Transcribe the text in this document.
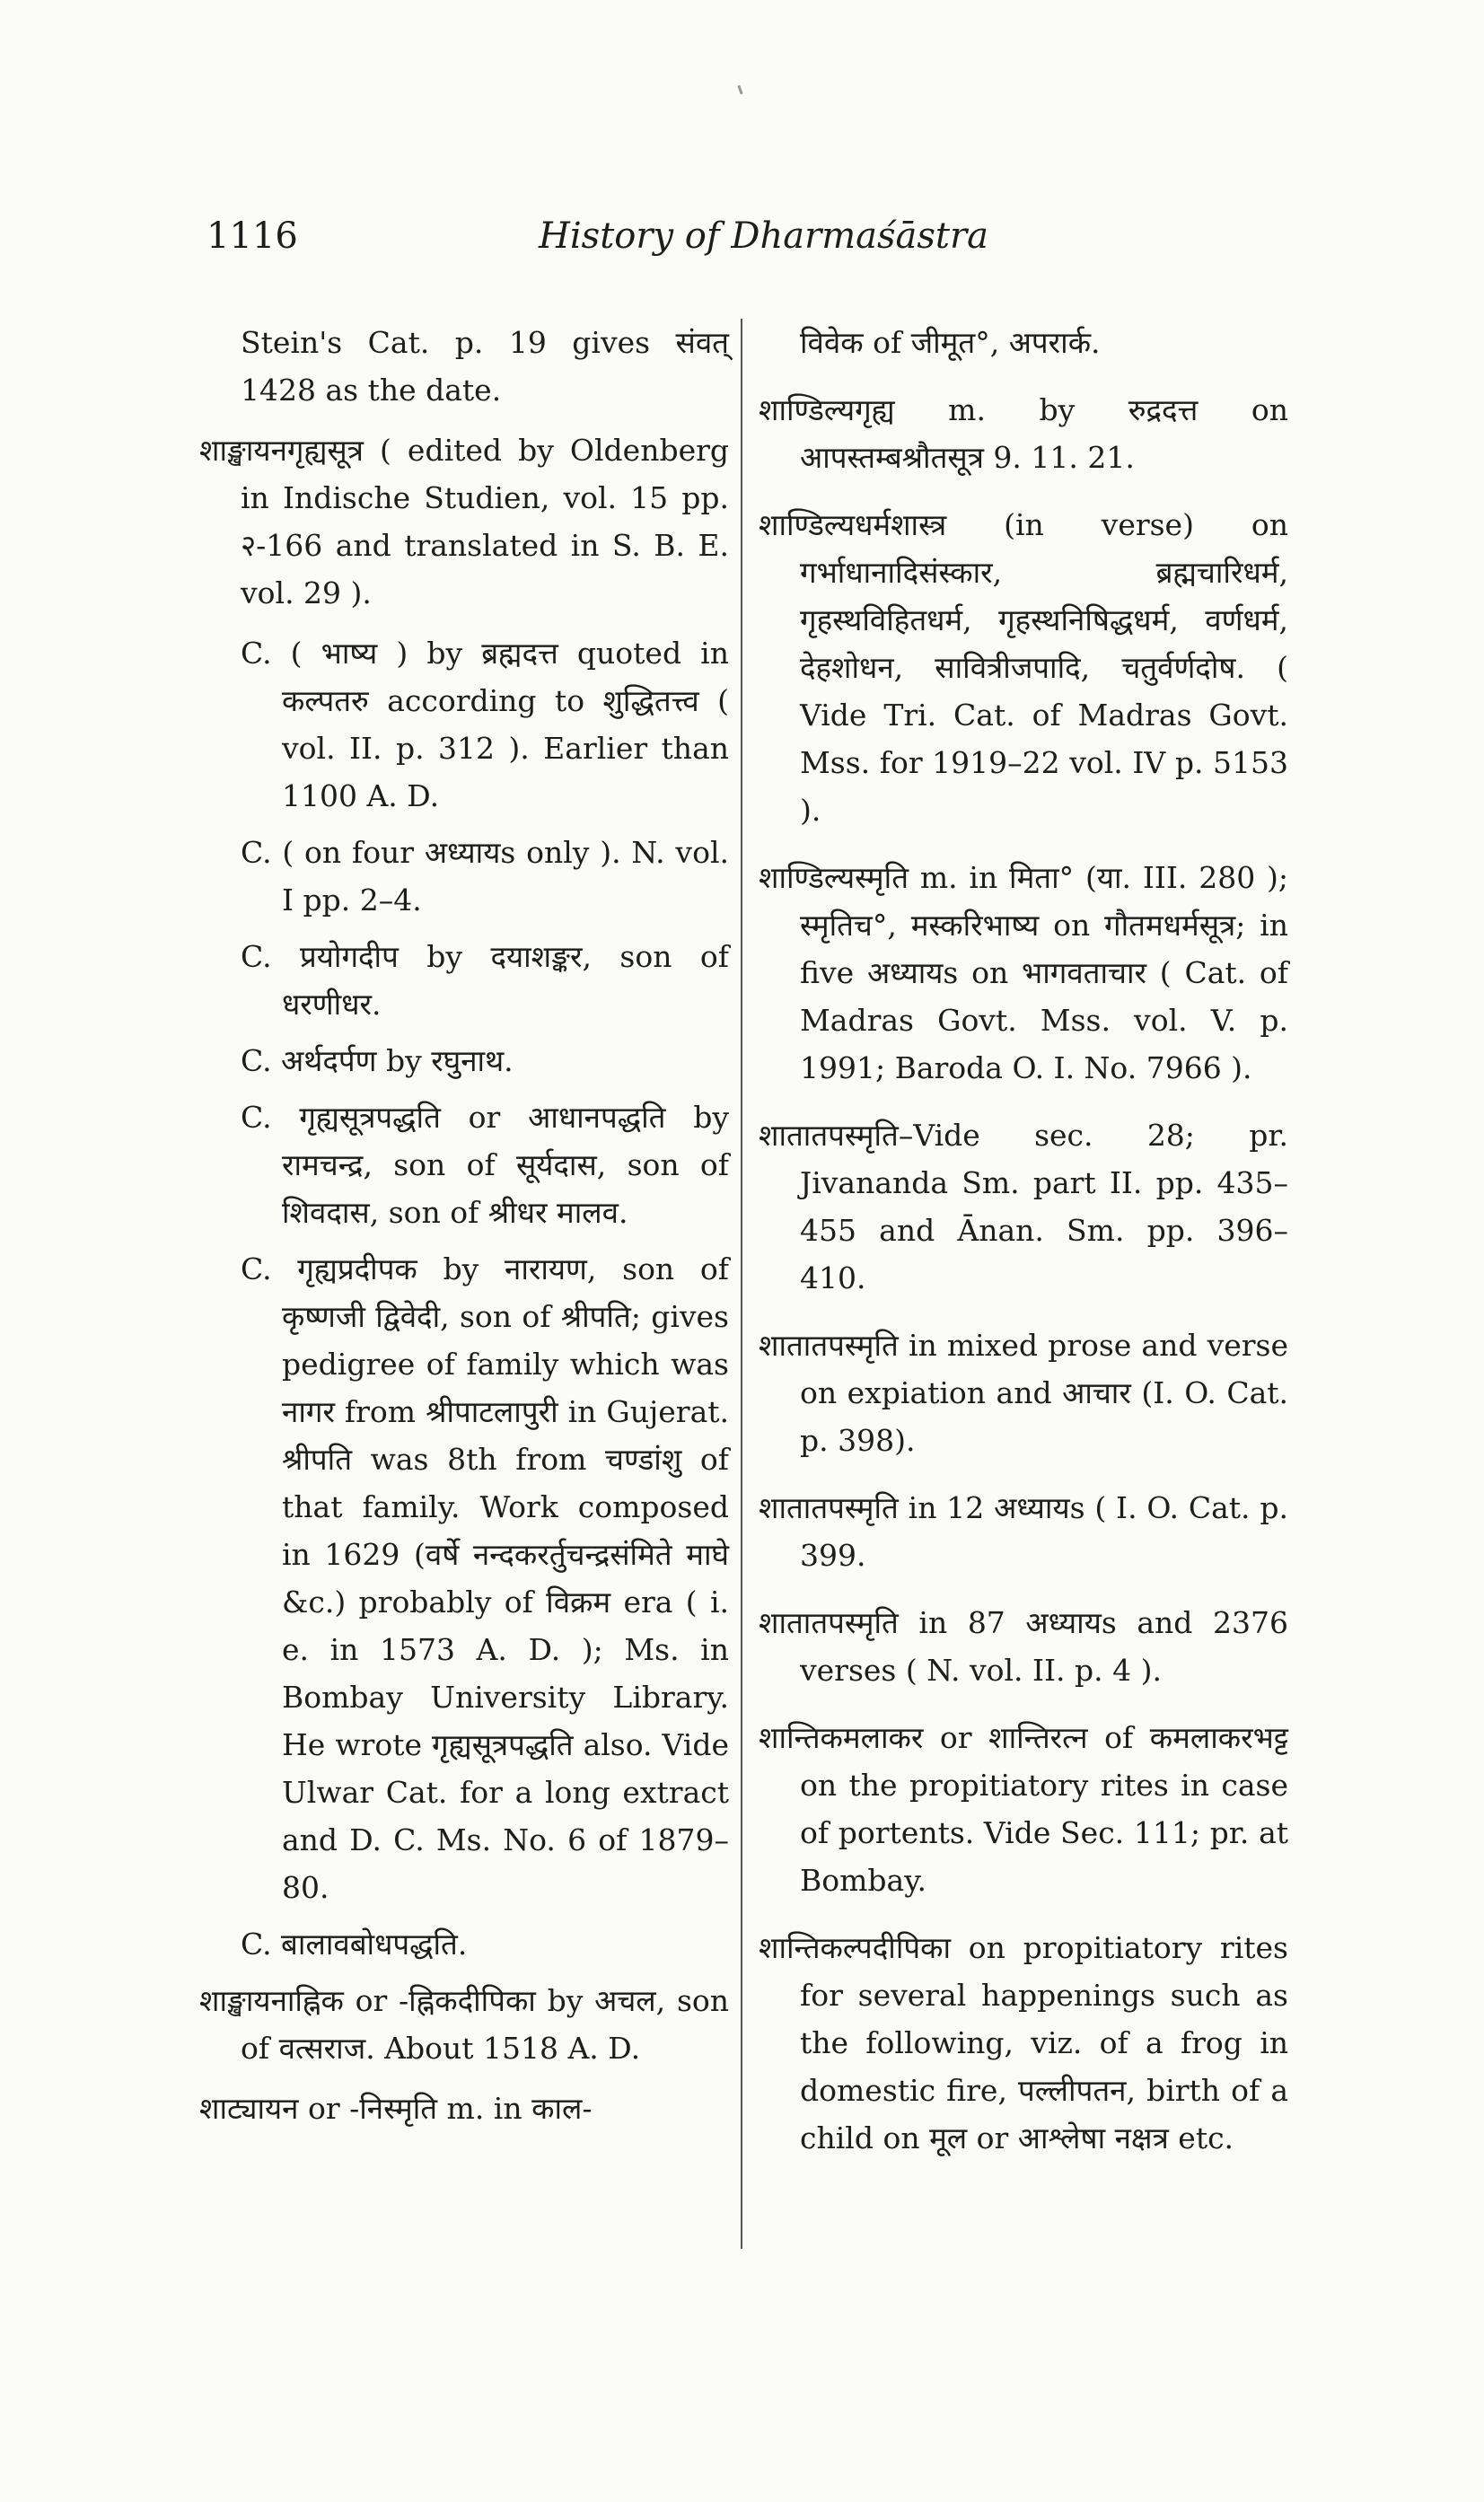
1116	History of Dharmaśāstra

Stein's Cat. p. 19 gives संवत् 1428 as the date.

शाङ्खायनगृह्यसूत्र ( edited by Oldenberg in Indische Studien, vol. 15 pp. २-166 and translated in S. B. E. vol. 29 ).

C. ( भाष्य ) by ब्रह्मदत्त quoted in कल्पतरु according to शुद्धितत्त्व ( vol. II. p. 312 ). Earlier than 1100 A. D.

C. ( on four अध्यायs only ). N. vol. I pp. 2–4.

C. प्रयोगदीप by दयाशङ्कर, son of धरणीधर.

C. अर्थदर्पण by रघुनाथ.

C. गृह्यसूत्रपद्धति or आधानपद्धति by रामचन्द्र, son of सूर्यदास, son of शिवदास, son of श्रीधर मालव.

C. गृह्यप्रदीपक by नारायण, son of कृष्णजी द्विवेदी, son of श्रीपति; gives pedigree of family which was नागर from श्रीपाटलापुरी in Gujerat. श्रीपति was 8th from चण्डांशु of that family. Work composed in 1629 (वर्षे नन्दकरर्तुचन्द्रसंमिते माघे &c.) probably of विक्रम era ( i. e. in 1573 A. D. ); Ms. in Bombay University Library. He wrote गृह्यसूत्रपद्धति also. Vide Ulwar Cat. for a long extract and D. C. Ms. No. 6 of 1879–80.

C. बालावबोधपद्धति.

शाङ्खायनाह्निक or -ह्निकदीपिका by अचल, son of वत्सराज. About 1518 A. D.

शाट्यायन or -निस्मृति m. in काल-

विवेक of जीमूत°, अपरार्क.

शाण्डिल्यगृह्य m. by रुद्रदत्त on आपस्तम्बश्रौतसूत्र 9. 11. 21.

शाण्डिल्यधर्मशास्त्र (in verse) on गर्भाधानादिसंस्कार, ब्रह्मचारिधर्म, गृहस्थविहितधर्म, गृहस्थनिषिद्धधर्म, वर्णधर्म, देहशोधन, सावित्रीजपादि, चतुर्वर्णदोष. ( Vide Tri. Cat. of Madras Govt. Mss. for 1919–22 vol. IV p. 5153 ).

शाण्डिल्यस्मृति m. in मिता° (या. III. 280 ); स्मृतिच°, मस्करिभाष्य on गौतमधर्मसूत्र; in five अध्यायs on भागवताचार ( Cat. of Madras Govt. Mss. vol. V. p. 1991; Baroda O. I. No. 7966 ).

शातातपस्मृति–Vide sec. 28; pr. Jivananda Sm. part II. pp. 435–455 and Ānan. Sm. pp. 396–410.

शातातपस्मृति in mixed prose and verse on expiation and आचार (I. O. Cat. p. 398).

शातातपस्मृति in 12 अध्यायs ( I. O. Cat. p. 399.

शातातपस्मृति in 87 अध्यायs and 2376 verses ( N. vol. II. p. 4 ).

शान्तिकमलाकर or शान्तिरत्न of कमलाकरभट्ट on the propitiatory rites in case of portents. Vide Sec. 111; pr. at Bombay.

शान्तिकल्पदीपिका on propitiatory rites for several happenings such as the following, viz. of a frog in domestic fire, पल्लीपतन, birth of a child on मूल or आश्लेषा नक्षत्र etc.
